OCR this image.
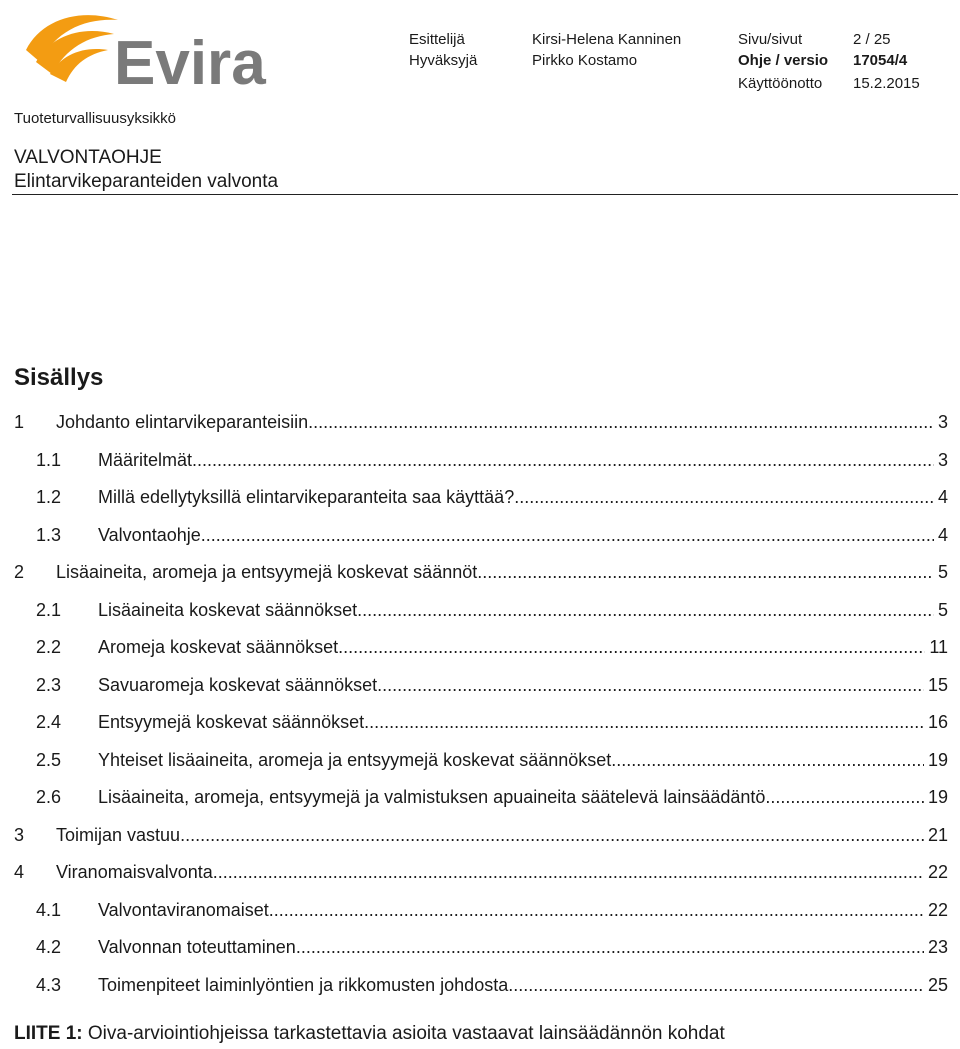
Evira	Esittelijä	Kirsi-Helena Kanninen	Sivu/sivut	2 / 25
Hyväksyjä	Pirkko Kostamo	Ohje / versio 17054/4
Käyttöönotto 15.2.2015
Tuoteturvallisuusyksikkö
VALVONTAOHJE
Elintarvikeparanteiden valvonta
Sisällys
1	Johdanto elintarvikeparanteisiin .....	3
1.1	Määritelmät .....	3
1.2	Millä edellytyksillä elintarvikeparanteita saa käyttää? .....	4
1.3	Valvontaohje .....	4
2	Lisäaineita, aromeja ja entsyymejä koskevat säännöt .....	5
2.1	Lisäaineita koskevat säännökset .....	5
2.2	Aromeja koskevat säännökset .....	11
2.3	Savuaromeja koskevat säännökset .....	15
2.4	Entsyymejä koskevat säännökset .....	16
2.5	Yhteiset lisäaineita, aromeja ja entsyymejä koskevat säännökset .....	19
2.6	Lisäaineita, aromeja, entsyymejä ja valmistuksen apuaineita säätelevä lainsäädäntö .....	19
3	Toimijan vastuu .....	21
4	Viranomaisvalvonta .....	22
4.1	Valvontaviranomaiset .....	22
4.2	Valvonnan toteuttaminen .....	23
4.3	Toimenpiteet laiminlyöntien ja rikkomusten johdosta .....	25
LIITE 1: Oiva-arviointiohjeissa tarkastettavia asioita vastaavat lainsäädännön kohdat
